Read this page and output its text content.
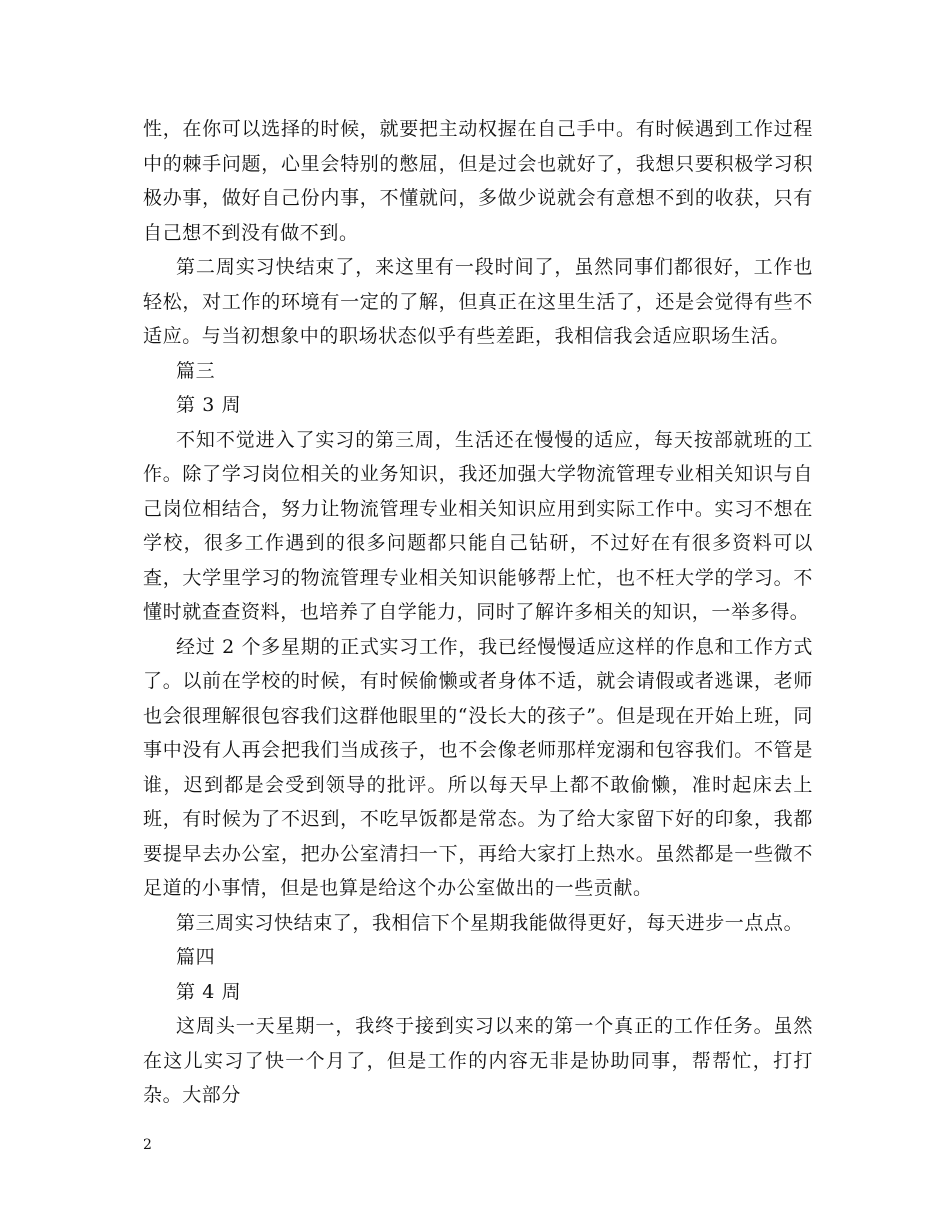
性，在你可以选择的时候，就要把主动权握在自己手中。有时候遇到工作过程中的棘手问题，心里会特别的憋屈，但是过会也就好了，我想只要积极学习积极办事，做好自己份内事，不懂就问，多做少说就会有意想不到的收获，只有自己想不到没有做不到。

第二周实习快结束了，来这里有一段时间了，虽然同事们都很好，工作也轻松，对工作的环境有一定的了解，但真正在这里生活了，还是会觉得有些不适应。与当初想象中的职场状态似乎有些差距，我相信我会适应职场生活。

篇三

第 3 周

不知不觉进入了实习的第三周，生活还在慢慢的适应，每天按部就班的工作。除了学习岗位相关的业务知识，我还加强大学物流管理专业相关知识与自己岗位相结合，努力让物流管理专业相关知识应用到实际工作中。实习不想在学校，很多工作遇到的很多问题都只能自己钻研，不过好在有很多资料可以查，大学里学习的物流管理专业相关知识能够帮上忙，也不枉大学的学习。不懂时就查查资料，也培养了自学能力，同时了解许多相关的知识，一举多得。

经过 2 个多星期的正式实习工作，我已经慢慢适应这样的作息和工作方式了。以前在学校的时候，有时候偷懒或者身体不适，就会请假或者逃课，老师也会很理解很包容我们这群他眼里的“没长大的孩子”。但是现在开始上班，同事中没有人再会把我们当成孩子，也不会像老师那样宠溺和包容我们。不管是谁，迟到都是会受到领导的批评。所以每天早上都不敢偷懒，准时起床去上班，有时候为了不迟到，不吃早饭都是常态。为了给大家留下好的印象，我都要提早去办公室，把办公室清扫一下，再给大家打上热水。虽然都是一些微不足道的小事情，但是也算是给这个办公室做出的一些贡献。

第三周实习快结束了，我相信下个星期我能做得更好，每天进步一点点。

篇四

第 4 周

这周头一天星期一，我终于接到实习以来的第一个真正的工作任务。虽然在这儿实习了快一个月了，但是工作的内容无非是协助同事，帮帮忙，打打杂。大部分

2
